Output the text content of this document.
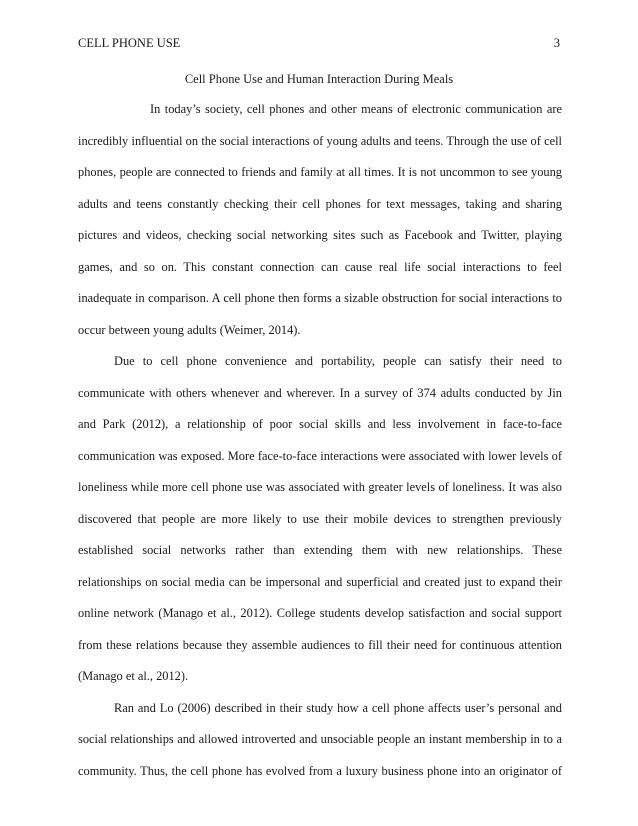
CELL PHONE USE	3
Cell Phone Use and Human Interaction During Meals
In today’s society, cell phones and other means of electronic communication are
incredibly influential on the social interactions of young adults and teens. Through the use of cell
phones, people are connected to friends and family at all times. It is not uncommon to see young
adults and teens constantly checking their cell phones for text messages, taking and sharing
pictures and videos, checking social networking sites such as Facebook and Twitter, playing
games, and so on. This constant connection can cause real life social interactions to feel
inadequate in comparison. A cell phone then forms a sizable obstruction for social interactions to
occur between young adults (Weimer, 2014).
Due to cell phone convenience and portability, people can satisfy their need to
communicate with others whenever and wherever. In a survey of 374 adults conducted by Jin
and Park (2012), a relationship of poor social skills and less involvement in face-to-face
communication was exposed. More face-to-face interactions were associated with lower levels of
loneliness while more cell phone use was associated with greater levels of loneliness. It was also
discovered that people are more likely to use their mobile devices to strengthen previously
established social networks rather than extending them with new relationships. These
relationships on social media can be impersonal and superficial and created just to expand their
online network (Manago et al., 2012). College students develop satisfaction and social support
from these relations because they assemble audiences to fill their need for continuous attention
(Manago et al., 2012).
Ran and Lo (2006) described in their study how a cell phone affects user’s personal and
social relationships and allowed introverted and unsociable people an instant membership in to a
community. Thus, the cell phone has evolved from a luxury business phone into an originator of
